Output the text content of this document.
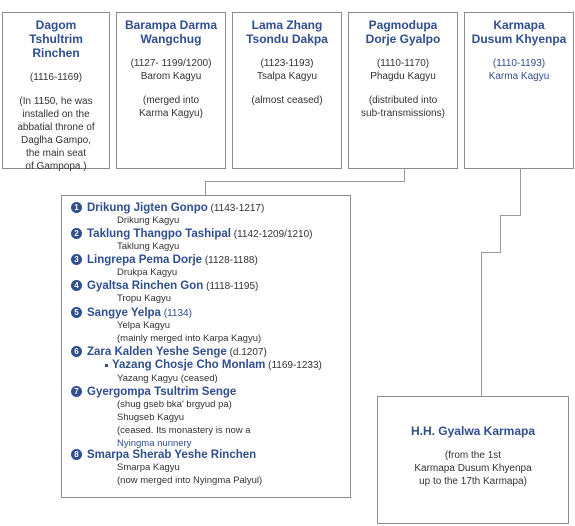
Dagom
Tshultrim
Rinchen
(1116-1169)
(In 1150, he was
installed on the
abbatial throne of
Daglha Gampo,
the main seat
of Gampopa.)
Barampa Darma
Wangchug
(1127- 1199/1200)
Barom Kagyu
(merged into
Karma Kagyu)
Lama Zhang
Tsondu Dakpa
(1123-1193)
Tsalpa Kagyu
(almost ceased)
Pagmodupa
Dorje Gyalpo
(1110-1170)
Phagdu Kagyu
(distributed into
sub-transmissions)
Karmapa
Dusum Khyenpa
(1110-1193)
Karma Kagyu
1 Drikung Jigten Gonpo (1143-1217)
Drikung Kagyu
2 Taklung Thangpo Tashipal (1142-1209/1210)
Taklung Kagyu
3 Lingrepa Pema Dorje (1128-1188)
Drukpa Kagyu
4 Gyaltsa Rinchen Gon (1118-1195)
Tropu Kagyu
5 Sangye Yelpa (1134)
Yelpa Kagyu
(mainly merged into Karpa Kagyu)
6 Zara Kalden Yeshe Senge (d.1207)
Yazang Chosje Cho Monlam (1169-1233)
Yazang Kagyu (ceased)
7 Gyergompa Tsultrim Senge
(shug gseb bka' brgyud pa)
Shugseb Kagyu
(ceased. Its monastery is now a
Nyingma nunnery
8 Smarpa Sherab Yeshe Rinchen
Smarpa Kagyu
(now merged into Nyingma Palyul)
H.H. Gyalwa Karmapa
(from the 1st
Karmapa Dusum Khyenpa
up to the 17th Karmapa)
